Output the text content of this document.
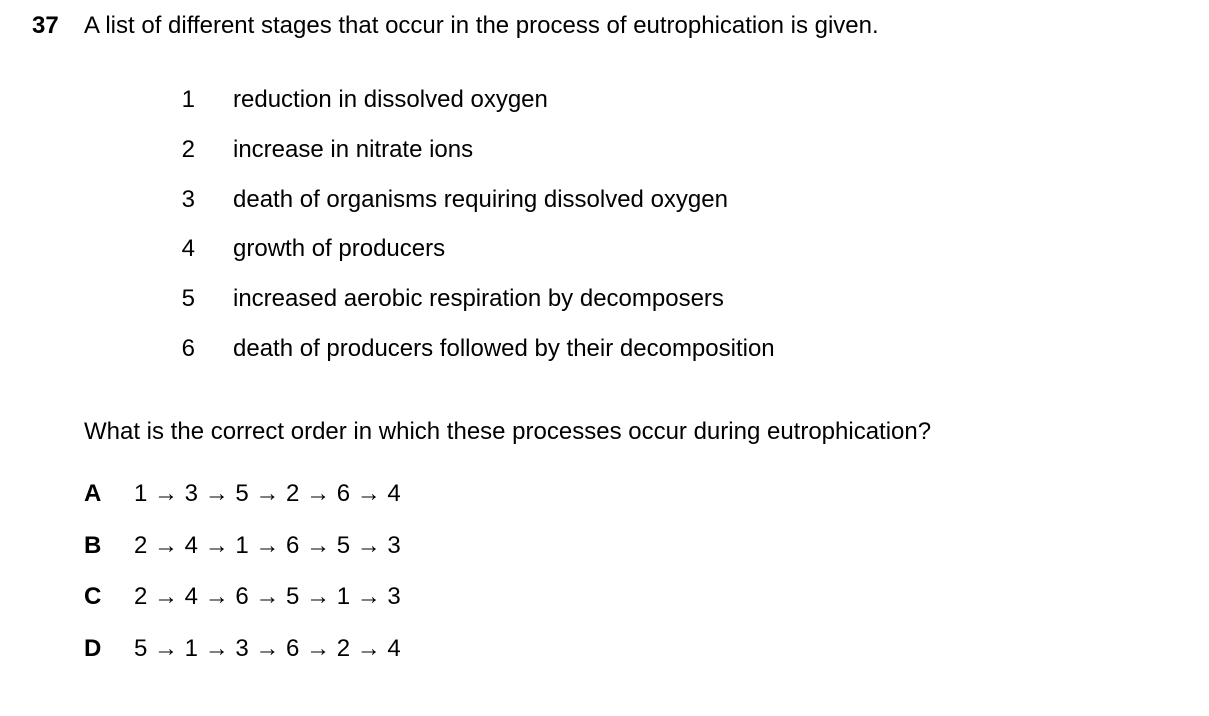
37 A list of different stages that occur in the process of eutrophication is given.
1 reduction in dissolved oxygen
2 increase in nitrate ions
3 death of organisms requiring dissolved oxygen
4 growth of producers
5 increased aerobic respiration by decomposers
6 death of producers followed by their decomposition
What is the correct order in which these processes occur during eutrophication?
A	1 → 3 → 5 → 2 → 6 → 4
B	2 → 4 → 1 → 6 → 5 → 3
C	2 → 4 → 6 → 5 → 1 → 3
D	5 → 1 → 3 → 6 → 2 → 4
